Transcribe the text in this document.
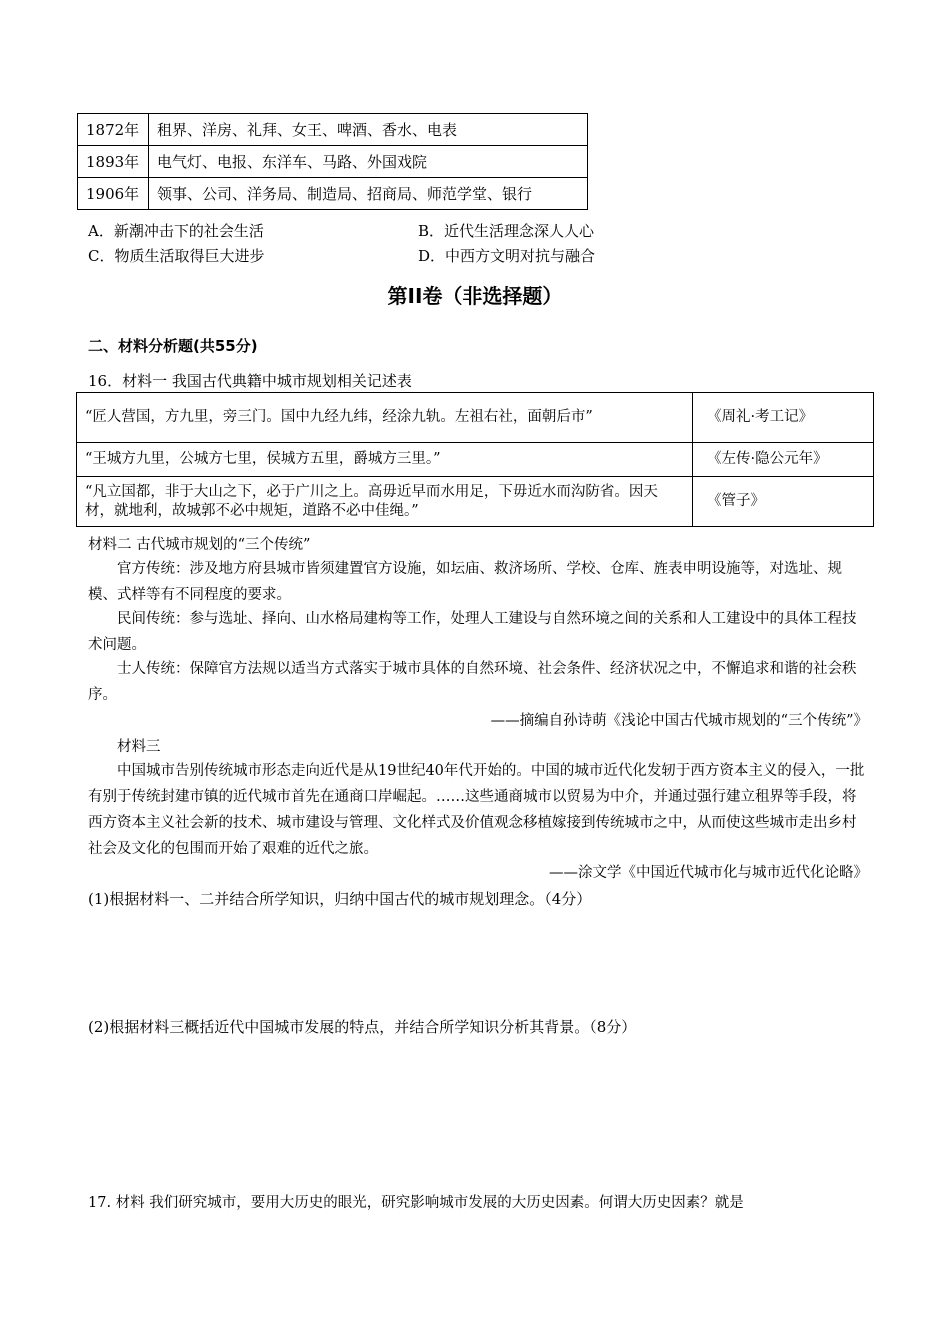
1872年	租界、洋房、礼拜、女王、啤酒、香水、电表
1893年	电气灯、电报、东洋车、马路、外国戏院
1906年	领事、公司、洋务局、制造局、招商局、师范学堂、银行
A．新潮冲击下的社会生活	B．近代生活理念深人人心
C．物质生活取得巨大进步	D．中西方文明对抗与融合
第II卷（非选择题）
二、材料分析题(共55分)
16．材料一 我国古代典籍中城市规划相关记述表
“匠人营国，方九里，旁三门。国中九经九纬，经涂九轨。左祖右社，面朝后市”	《周礼·考工记》
“王城方九里，公城方七里，侯城方五里，爵城方三里。”	《左传·隐公元年》
“凡立国都，非于大山之下，必于广川之上。高毋近早而水用足，下毋近水而沟防省。因天材，就地利，故城郭不必中规矩，道路不必中佳绳。”	《管子》
材料二 古代城市规划的“三个传统”
官方传统：涉及地方府县城市皆须建置官方设施，如坛庙、救济场所、学校、仓库、旌表申明设施等，对选址、规模、式样等有不同程度的要求。
民间传统：参与选址、择向、山水格局建构等工作，处理人工建设与自然环境之间的关系和人工建设中的具体工程技术问题。
士人传统：保障官方法规以适当方式落实于城市具体的自然环境、社会条件、经济状况之中，不懈追求和谐的社会秩序。
——摘编自孙诗萌《浅论中国古代城市规划的“三个传统”》
材料三
中国城市告别传统城市形态走向近代是从19世纪40年代开始的。中国的城市近代化发轫于西方资本主义的侵入，一批有别于传统封建市镇的近代城市首先在通商口岸崛起。……这些通商城市以贸易为中介，并通过强行建立租界等手段，将西方资本主义社会新的技术、城市建设与管理、文化样式及价值观念移植嫁接到传统城市之中，从而使这些城市走出乡村社会及文化的包围而开始了艰难的近代之旅。
——涂文学《中国近代城市化与城市近代化论略》
(1)根据材料一、二并结合所学知识，归纳中国古代的城市规划理念。（4分）
(2)根据材料三概括近代中国城市发展的特点，并结合所学知识分析其背景。（8分）
17. 材料 我们研究城市，要用大历史的眼光，研究影响城市发展的大历史因素。何谓大历史因素？就是
